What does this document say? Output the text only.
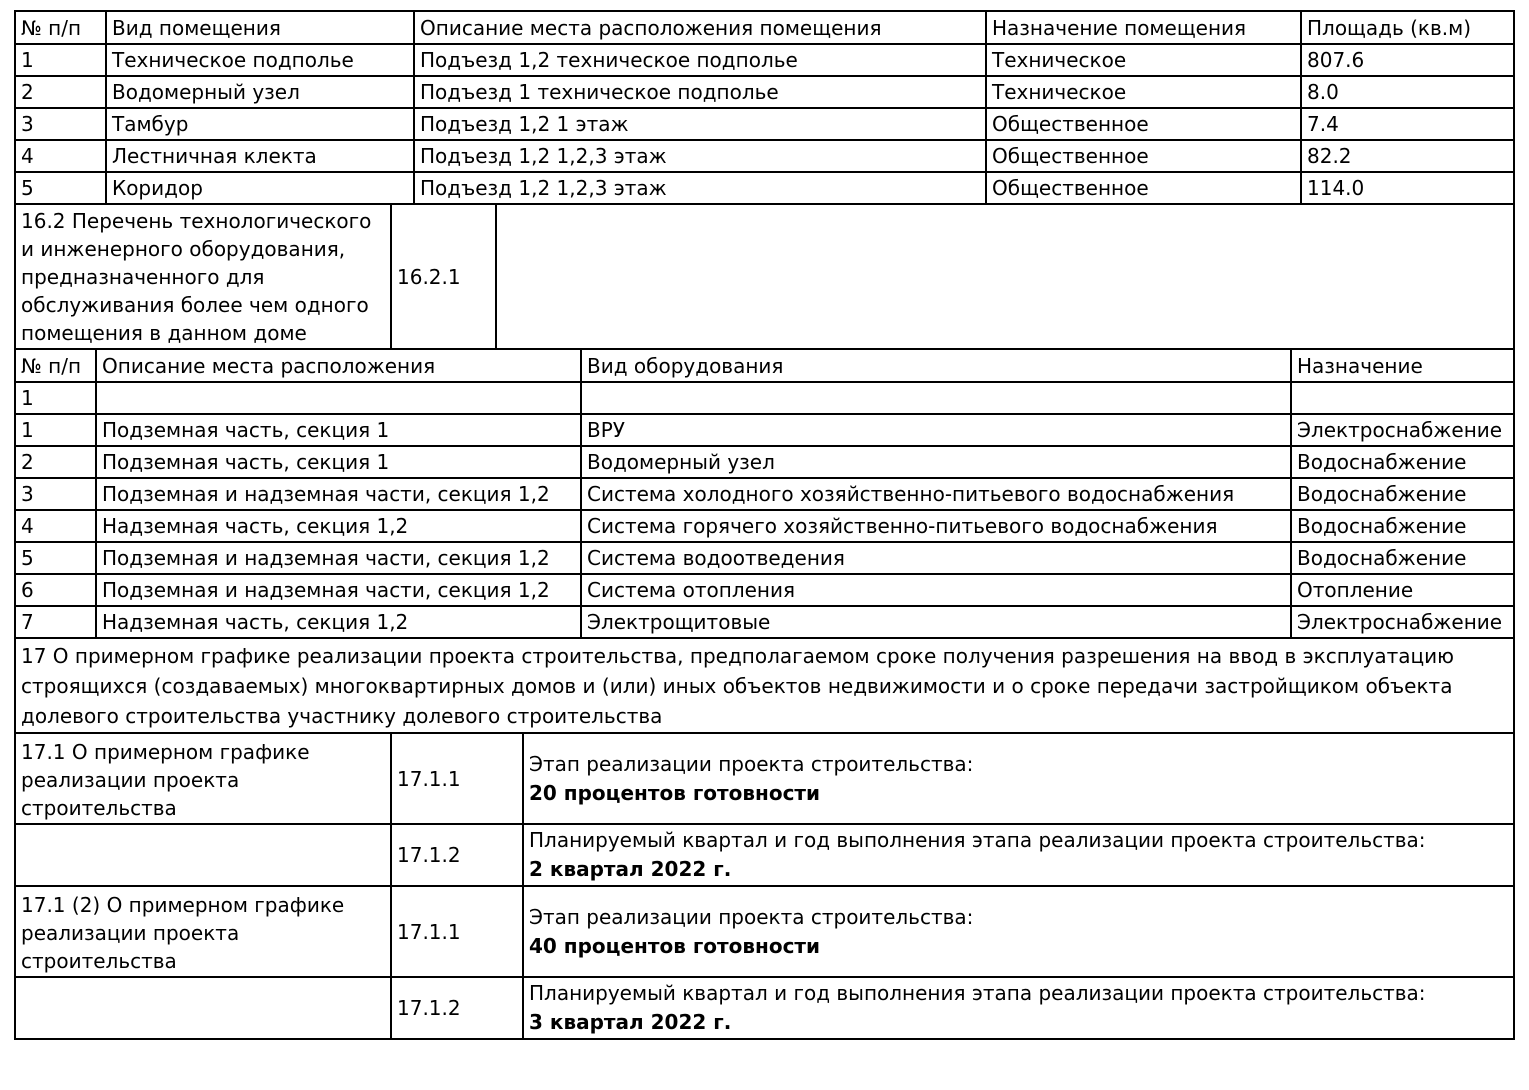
№ п/п	Вид помещения	Описание места расположения помещения	Назначение помещения	Площадь (кв.м)
1	Техническое подполье	Подъезд 1,2 техническое подполье	Техническое	807.6
2	Водомерный узел	Подъезд 1 техническое подполье	Техническое	8.0
3	Тамбур	Подъезд 1,2 1 этаж	Общественное	7.4
4	Лестничная клекта	Подъезд 1,2 1,2,3 этаж	Общественное	82.2
5	Коридор	Подъезд 1,2 1,2,3 этаж	Общественное	114.0
16.2 Перечень технологического и инженерного оборудования, предназначенного для обслуживания более чем одного помещения в данном доме	16.2.1	
№ п/п	Описание места расположения	Вид оборудования	Назначение
1			
1	Подземная часть, секция 1	ВРУ	Электроснабжение
2	Подземная часть, секция 1	Водомерный узел	Водоснабжение
3	Подземная и надземная части, секция 1,2	Система холодного хозяйственно-питьевого водоснабжения	Водоснабжение
4	Надземная часть, секция 1,2	Система горячего хозяйственно-питьевого водоснабжения	Водоснабжение
5	Подземная и надземная части, секция 1,2	Система водоотведения	Водоснабжение
6	Подземная и надземная части, секция 1,2	Система отопления	Отопление
7	Надземная часть, секция 1,2	Электрощитовые	Электроснабжение
17 О примерном графике реализации проекта строительства, предполагаемом сроке получения разрешения на ввод в эксплуатацию строящихся (создаваемых) многоквартирных домов и (или) иных объектов недвижимости и о сроке передачи застройщиком объекта долевого строительства участнику долевого строительства
17.1 О примерном графике реализации проекта строительства	17.1.1	Этап реализации проекта строительства:
20 процентов готовности

	17.1.2	Планируемый квартал и год выполнения этапа реализации проекта строительства:
2 квартал 2022 г.

17.1 (2) О примерном графике реализации проекта строительства	17.1.1	Этап реализации проекта строительства:
40 процентов готовности

	17.1.2	Планируемый квартал и год выполнения этапа реализации проекта строительства:
3 квартал 2022 г.
